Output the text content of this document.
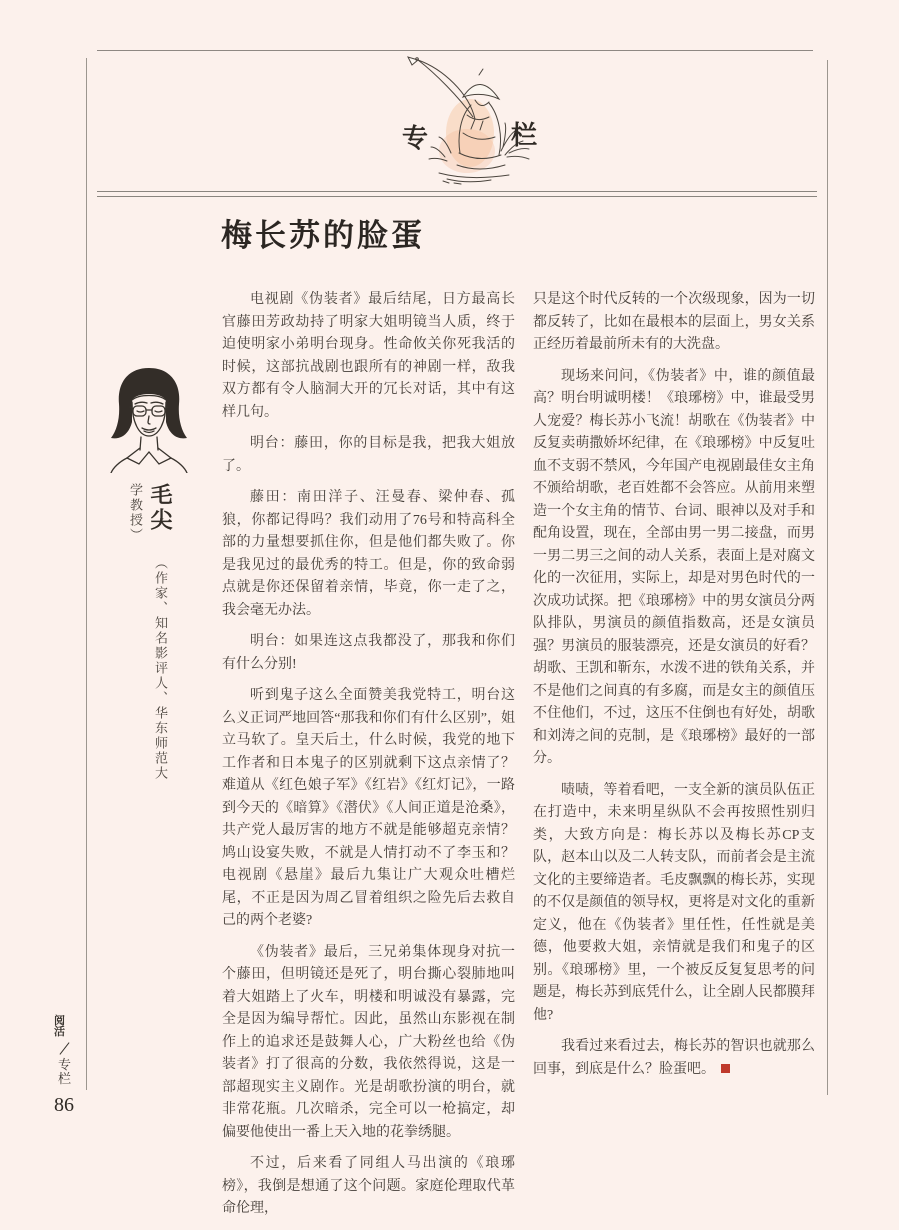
专	栏
梅长苏的脸蛋
毛尖 （作家、知名影评人、华东师范大学教授）

电视剧《伪装者》最后结尾，日方最高长官藤田芳政劫持了明家大姐明镜当人质，终于迫使明家小弟明台现身。性命攸关你死我活的时候，这部抗战剧也跟所有的神剧一样，敌我双方都有令人脑洞大开的冗长对话，其中有这样几句。

明台：藤田，你的目标是我，把我大姐放了。

藤田：南田洋子、汪曼春、梁仲春、孤狼，你都记得吗？我们动用了76号和特高科全部的力量想要抓住你，但是他们都失败了。你是我见过的最优秀的特工。但是，你的致命弱点就是你还保留着亲情，毕竟，你一走了之，我会毫无办法。

明台：如果连这点我都没了，那我和你们有什么分别!

听到鬼子这么全面赞美我党特工，明台这么义正词严地回答“那我和你们有什么区别”，姐立马软了。皇天后土，什么时候，我党的地下工作者和日本鬼子的区别就剩下这点亲情了？难道从《红色娘子军》《红岩》《红灯记》，一路到今天的《暗算》《潜伏》《人间正道是沧桑》，共产党人最厉害的地方不就是能够超克亲情？鸠山设宴失败，不就是人情打动不了李玉和？电视剧《悬崖》最后九集让广大观众吐槽烂尾，不正是因为周乙冒着组织之险先后去救自己的两个老婆?

《伪装者》最后，三兄弟集体现身对抗一个藤田，但明镜还是死了，明台撕心裂肺地叫着大姐踏上了火车，明楼和明诚没有暴露，完全是因为编导帮忙。因此，虽然山东影视在制作上的追求还是鼓舞人心，广大粉丝也给《伪装者》打了很高的分数，我依然得说，这是一部超现实主义剧作。光是胡歌扮演的明台，就非常花瓶。几次暗杀，完全可以一枪搞定，却偏要他使出一番上天入地的花拳绣腿。

不过，后来看了同组人马出演的《琅琊榜》，我倒是想通了这个问题。家庭伦理取代革命伦理，

只是这个时代反转的一个次级现象，因为一切都反转了，比如在最根本的层面上，男女关系正经历着最前所未有的大洗盘。

现场来问问，《伪装者》中，谁的颜值最高？明台明诚明楼！《琅琊榜》中，谁最受男人宠爱？梅长苏小飞流！胡歌在《伪装者》中反复卖萌撒娇坏纪律，在《琅琊榜》中反复吐血不支弱不禁风，今年国产电视剧最佳女主角不颁给胡歌，老百姓都不会答应。从前用来塑造一个女主角的情节、台词、眼神以及对手和配角设置，现在，全部由男一男二接盘，而男一男二男三之间的动人关系，表面上是对腐文化的一次征用，实际上，却是对男色时代的一次成功试探。把《琅琊榜》中的男女演员分两队排队，男演员的颜值指数高，还是女演员强？男演员的服装漂亮，还是女演员的好看？胡歌、王凯和靳东，水泼不进的铁角关系，并不是他们之间真的有多腐，而是女主的颜值压不住他们，不过，这压不住倒也有好处，胡歌和刘涛之间的克制，是《琅琊榜》最好的一部分。

啧啧，等着看吧，一支全新的演员队伍正在打造中，未来明星纵队不会再按照性别归类，大致方向是：梅长苏以及梅长苏CP支队，赵本山以及二人转支队，而前者会是主流文化的主要缔造者。毛皮飘飘的梅长苏，实现的不仅是颜值的领导权，更将是对文化的重新定义，他在《伪装者》里任性，任性就是美德，他要救大姐，亲情就是我们和鬼子的区别。《琅琊榜》里，一个被反反复复思考的问题是，梅长苏到底凭什么，让全剧人民都膜拜他?

我看过来看过去，梅长苏的智识也就那么回事，到底是什么？脸蛋吧。

阅活
专栏
86
